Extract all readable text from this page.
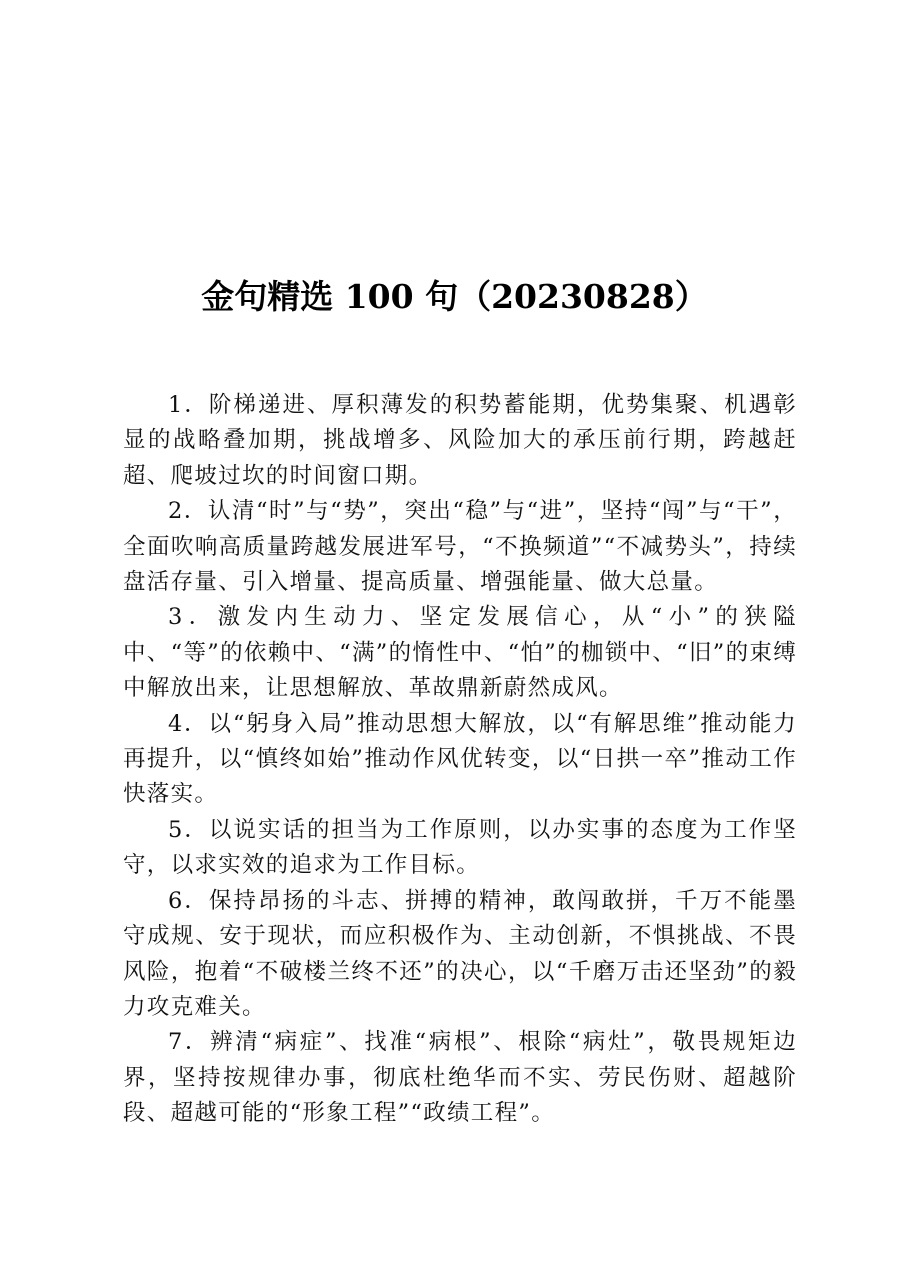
金句精选 100 句（20230828）

1．阶梯递进、厚积薄发的积势蓄能期，优势集聚、机遇彰显的战略叠加期，挑战增多、风险加大的承压前行期，跨越赶超、爬坡过坎的时间窗口期。

2．认清“时”与“势”，突出“稳”与“进”，坚持“闯”与“干”，全面吹响高质量跨越发展进军号，“不换频道”“不减势头”，持续盘活存量、引入增量、提高质量、增强能量、做大总量。

3．激发内生动力、坚定发展信心，从“小”的狭隘中、“等”的依赖中、“满”的惰性中、“怕”的枷锁中、“旧”的束缚中解放出来，让思想解放、革故鼎新蔚然成风。

4．以“躬身入局”推动思想大解放，以“有解思维”推动能力再提升，以“慎终如始”推动作风优转变，以“日拱一卒”推动工作快落实。

5．以说实话的担当为工作原则，以办实事的态度为工作坚守，以求实效的追求为工作目标。

6．保持昂扬的斗志、拼搏的精神，敢闯敢拼，千万不能墨守成规、安于现状，而应积极作为、主动创新，不惧挑战、不畏风险，抱着“不破楼兰终不还”的决心，以“千磨万击还坚劲”的毅力攻克难关。

7．辨清“病症”、找准“病根”、根除“病灶”，敬畏规矩边界，坚持按规律办事，彻底杜绝华而不实、劳民伤财、超越阶段、超越可能的“形象工程”“政绩工程”。
